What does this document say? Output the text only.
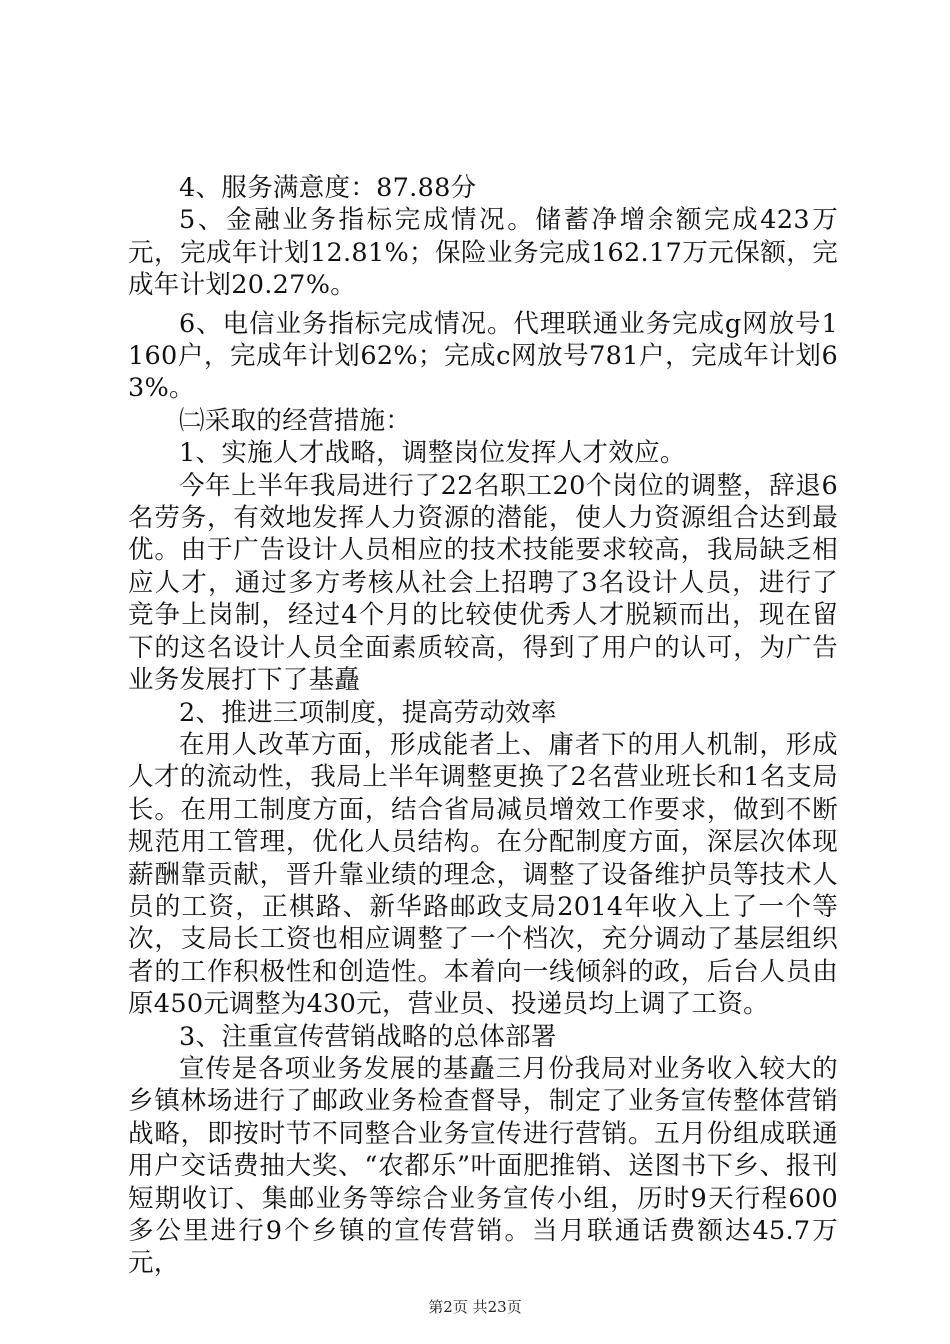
4、服务满意度：87.88分

5、金融业务指标完成情况。储蓄净增余额完成423万元，完成年计划12.81%；保险业务完成162.17万元保额，完成年计划20.27%。

6、电信业务指标完成情况。代理联通业务完成g网放号1160户，完成年计划62%；完成c网放号781户，完成年计划63%。

㈡采取的经营措施：

1、实施人才战略，调整岗位发挥人才效应。

今年上半年我局进行了22名职工20个岗位的调整，辞退6名劳务，有效地发挥人力资源的潜能，使人力资源组合达到最优。由于广告设计人员相应的技术技能要求较高，我局缺乏相应人才，通过多方考核从社会上招聘了3名设计人员，进行了竞争上岗制，经过4个月的比较使优秀人才脱颖而出，现在留下的这名设计人员全面素质较高，得到了用户的认可，为广告业务发展打下了基矗

2、推进三项制度，提高劳动效率

在用人改革方面，形成能者上、庸者下的用人机制，形成人才的流动性，我局上半年调整更换了2名营业班长和1名支局长。在用工制度方面，结合省局减员增效工作要求，做到不断规范用工管理，优化人员结构。在分配制度方面，深层次体现薪酬靠贡献，晋升靠业绩的理念，调整了设备维护员等技术人员的工资，正棋路、新华路邮政支局2014年收入上了一个等次，支局长工资也相应调整了一个档次，充分调动了基层组织者的工作积极性和创造性。本着向一线倾斜的政，后台人员由原450元调整为430元，营业员、投递员均上调了工资。

3、注重宣传营销战略的总体部署

宣传是各项业务发展的基矗三月份我局对业务收入较大的乡镇林场进行了邮政业务检查督导，制定了业务宣传整体营销战略，即按时节不同整合业务宣传进行营销。五月份组成联通用户交话费抽大奖、“农都乐”叶面肥推销、送图书下乡、报刊短期收订、集邮业务等综合业务宣传小组，历时9天行程600多公里进行9个乡镇的宣传营销。当月联通话费额达45.7万元，

第2页 共23页
